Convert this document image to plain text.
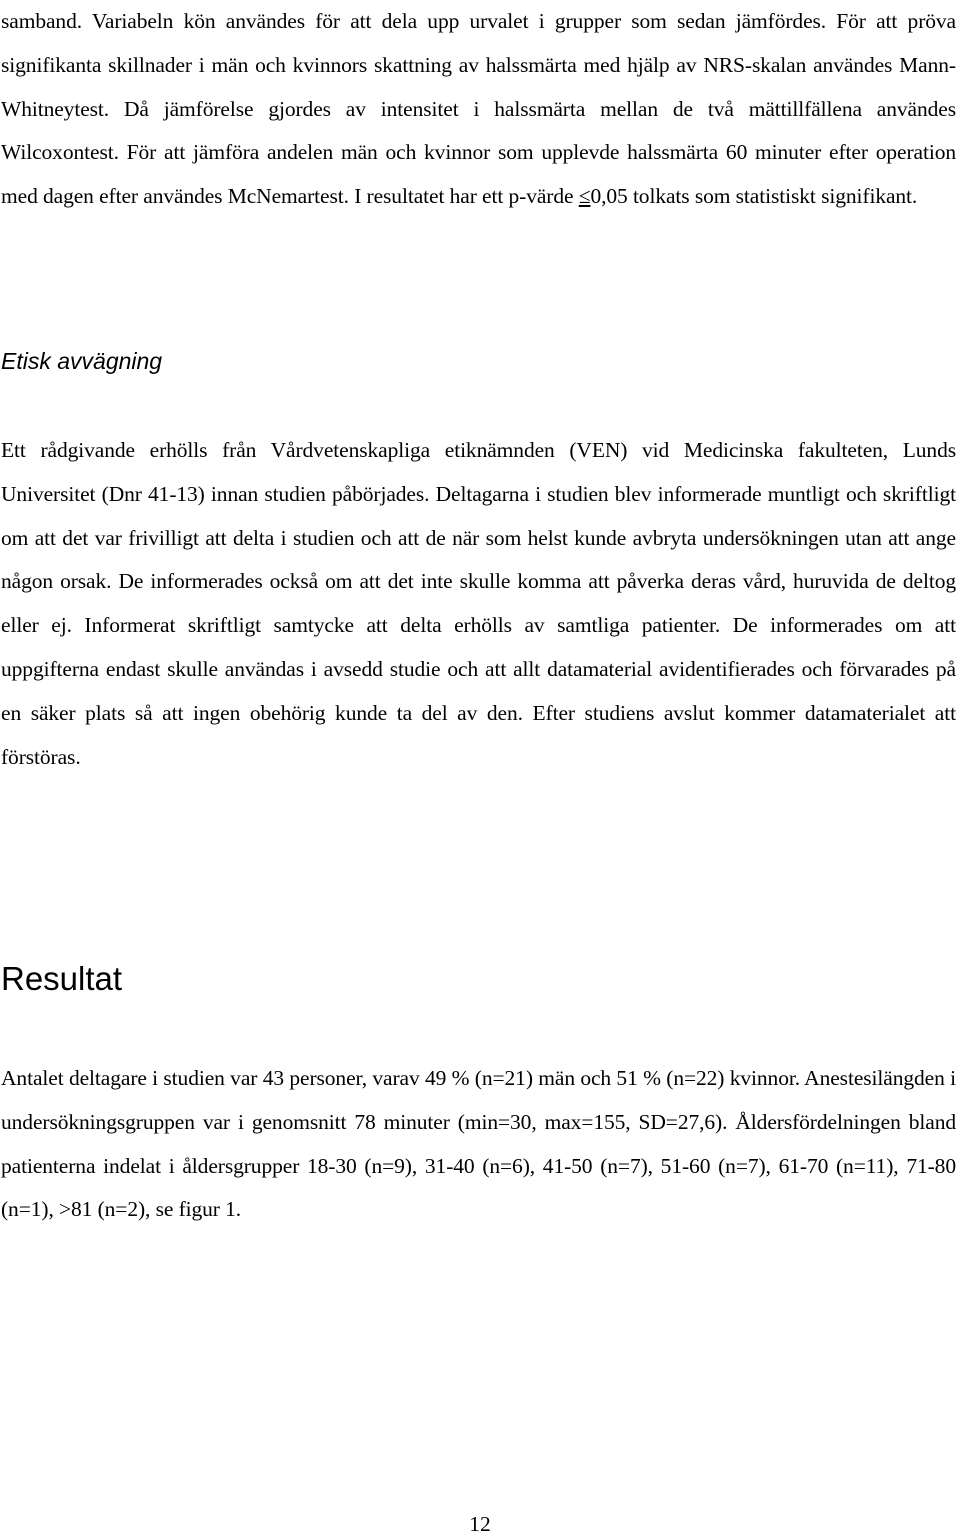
samband. Variabeln kön användes för att dela upp urvalet i grupper som sedan jämfördes. För att pröva signifikanta skillnader i män och kvinnors skattning av halssmärta med hjälp av NRS-skalan användes Mann-Whitneytest. Då jämförelse gjordes av intensitet i halssmärta mellan de två mättillfällena användes Wilcoxontest. För att jämföra andelen män och kvinnor som upplevde halssmärta 60 minuter efter operation med dagen efter användes McNemartest. I resultatet har ett p-värde ≤0,05 tolkats som statistiskt signifikant.

Etisk avvägning

Ett rådgivande erhölls från Vårdvetenskapliga etiknämnden (VEN) vid Medicinska fakulteten, Lunds Universitet (Dnr 41-13) innan studien påbörjades. Deltagarna i studien blev informerade muntligt och skriftligt om att det var frivilligt att delta i studien och att de när som helst kunde avbryta undersökningen utan att ange någon orsak. De informerades också om att det inte skulle komma att påverka deras vård, huruvida de deltog eller ej. Informerat skriftligt samtycke att delta erhölls av samtliga patienter. De informerades om att uppgifterna endast skulle användas i avsedd studie och att allt datamaterial avidentifierades och förvarades på en säker plats så att ingen obehörig kunde ta del av den. Efter studiens avslut kommer datamaterialet att förstöras.

Resultat

Antalet deltagare i studien var 43 personer, varav 49 % (n=21) män och 51 % (n=22) kvinnor. Anestesilängden i undersökningsgruppen var i genomsnitt 78 minuter (min=30, max=155, SD=27,6). Åldersfördelningen bland patienterna indelat i åldersgrupper 18-30 (n=9), 31-40 (n=6), 41-50 (n=7), 51-60 (n=7), 61-70 (n=11), 71-80 (n=1), >81 (n=2), se figur 1.

12
